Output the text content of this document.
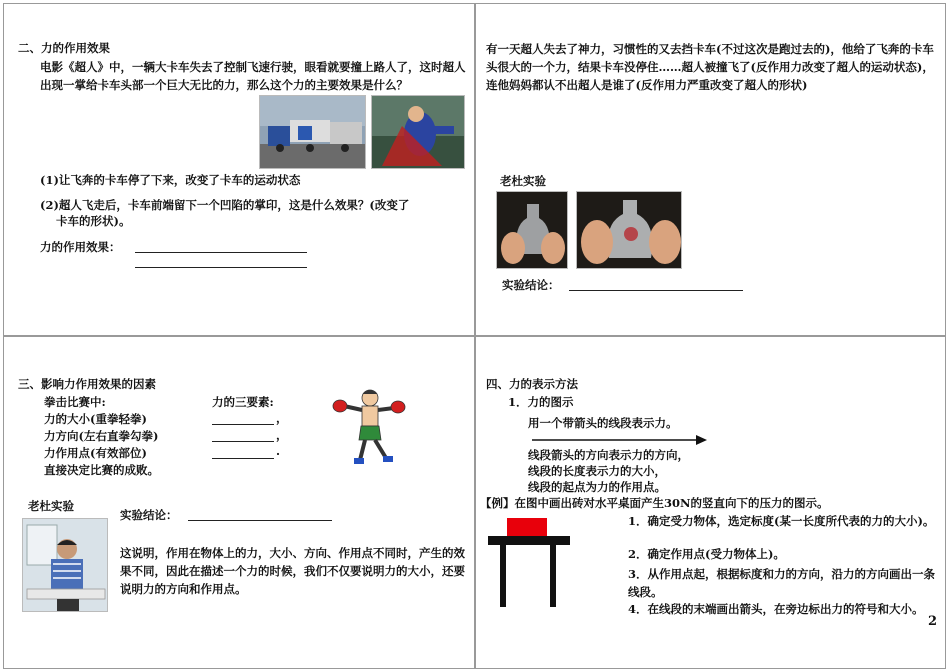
二、力的作用效果

电影《超人》中，一辆大卡车失去了控制飞速行驶，眼看就要撞上路人了，这时超人出现一掌给卡车头部一个巨大无比的力，那么这个力的主要效果是什么？

(1)让飞奔的卡车停了下来，改变了卡车的运动状态

(2)超人飞走后，卡车前端留下一个凹陷的掌印，这是什么效果？(改变了

卡车的形状)。

力的作用效果：

有一天超人失去了神力，习惯性的又去挡卡车(不过这次是跑过去的)，他给了飞奔的卡车头很大的一个力，结果卡车没停住……超人被撞飞了(反作用力改变了超人的运动状态)，连他妈妈都认不出超人是谁了(反作用力严重改变了超人的形状)

老杜实验

实验结论：

三、影响力作用效果的因素

拳击比赛中:

力的大小(重拳轻拳)

力方向(左右直拳勾拳)

力作用点(有效部位)

直接决定比赛的成败。

力的三要素:

，
，
.

老杜实验

实验结论：

这说明，作用在物体上的力，大小、方向、作用点不同时，产生的效果不同，因此在描述一个力的时候，我们不仅要说明力的大小，还要说明力的方向和作用点。

四、力的表示方法

1．力的图示

用一个带箭头的线段表示力。

线段箭头的方向表示力的方向，

线段的长度表示力的大小，

线段的起点为力的作用点。

【例】在图中画出砖对水平桌面产生30N的竖直向下的压力的图示。

1．确定受力物体，选定标度(某一长度所代表的力的大小)。
2．确定作用点(受力物体上)。
3．从作用点起，根据标度和力的方向，沿力的方向画出一条线段。
4．在线段的末端画出箭头，在旁边标出力的符号和大小。
2
